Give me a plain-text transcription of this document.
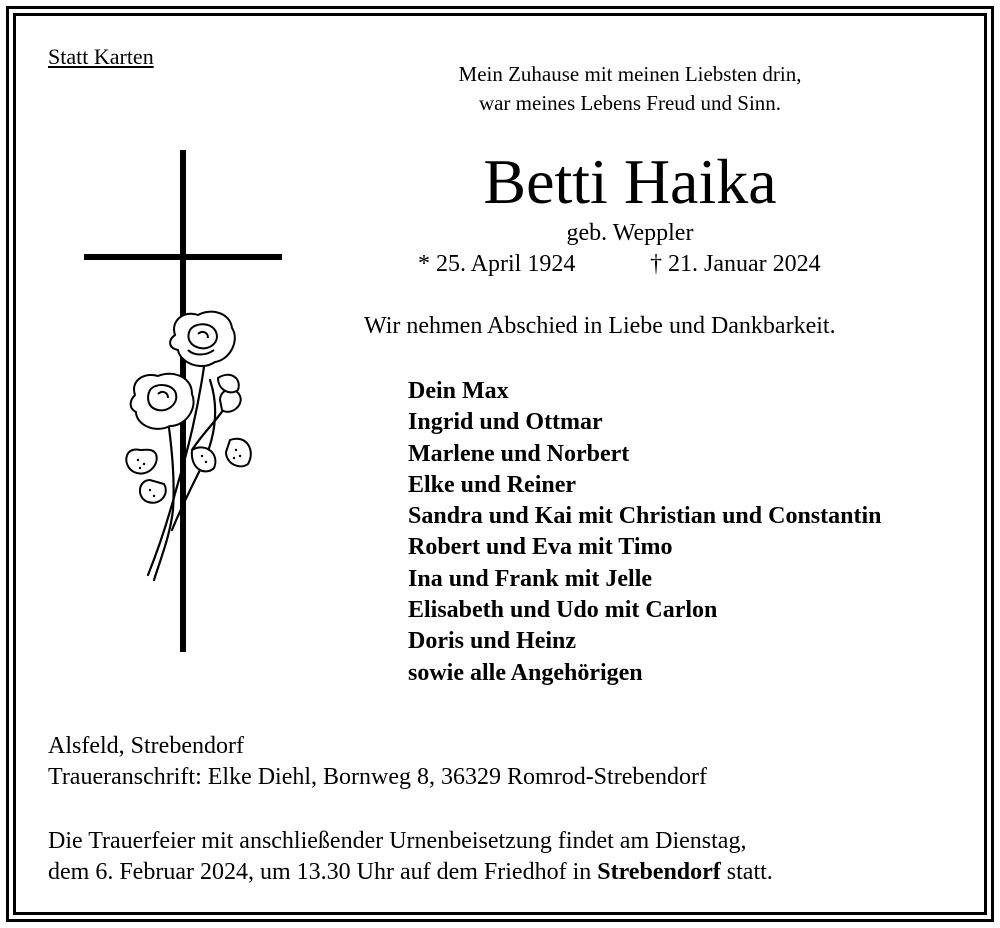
Statt Karten
Mein Zuhause mit meinen Liebsten drin,
war meines Lebens Freud und Sinn.
Betti Haika
geb. Weppler
* 25. April 1924	† 21. Januar 2024
Wir nehmen Abschied in Liebe und Dankbarkeit.
Dein Max
Ingrid und Ottmar
Marlene und Norbert
Elke und Reiner
Sandra und Kai mit Christian und Constantin
Robert und Eva mit Timo
Ina und Frank mit Jelle
Elisabeth und Udo mit Carlon
Doris und Heinz
sowie alle Angehörigen
Alsfeld, Strebendorf
Traueranschrift: Elke Diehl, Bornweg 8, 36329 Romrod-Strebendorf
Die Trauerfeier mit anschließender Urnenbeisetzung findet am Dienstag,
dem 6. Februar 2024, um 13.30 Uhr auf dem Friedhof in Strebendorf statt.
